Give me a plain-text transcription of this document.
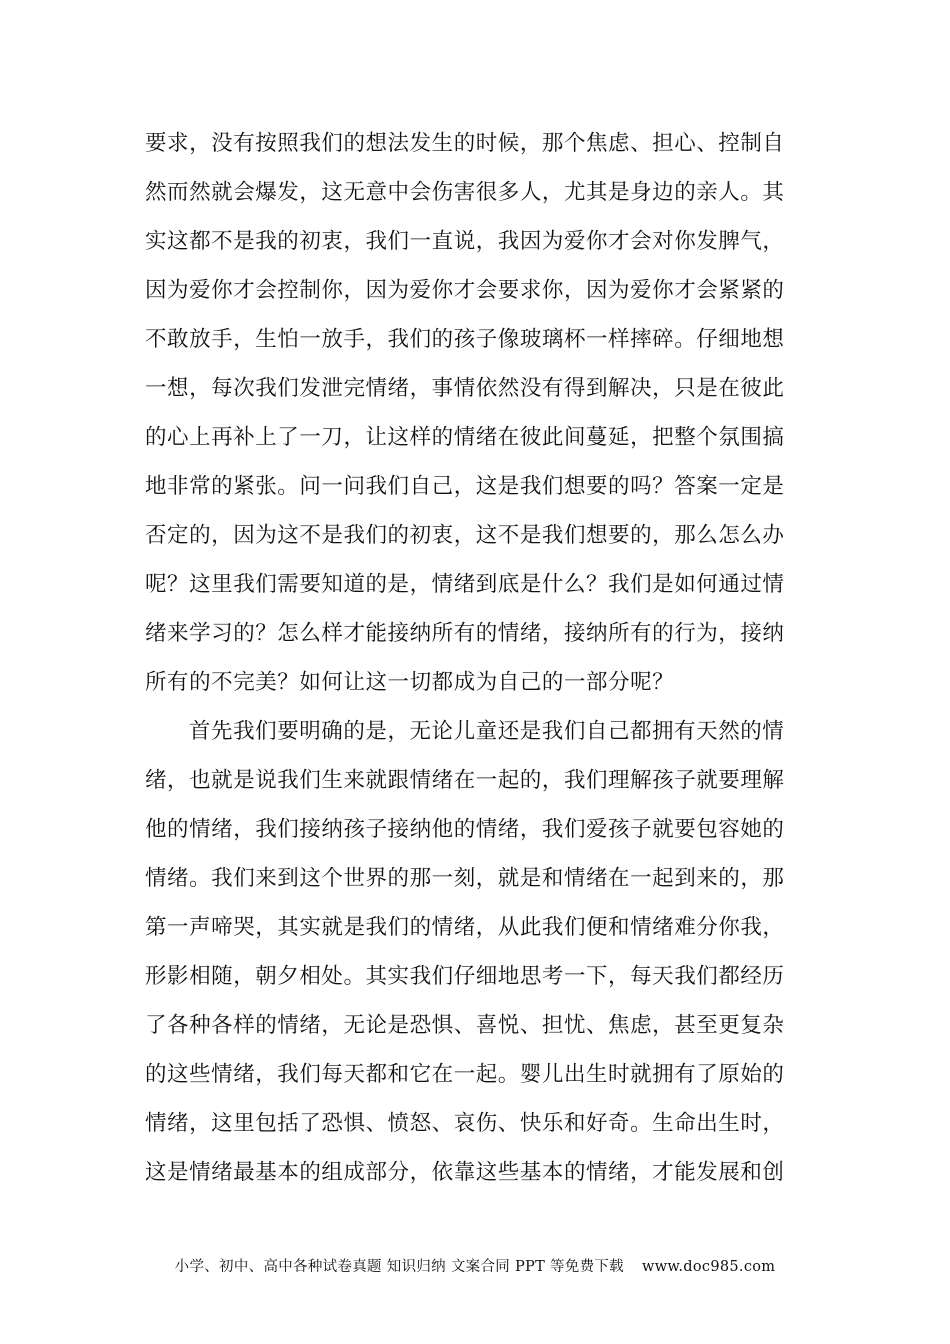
要求，没有按照我们的想法发生的时候，那个焦虑、担心、控制自
然而然就会爆发，这无意中会伤害很多人，尤其是身边的亲人。其
实这都不是我的初衷，我们一直说，我因为爱你才会对你发脾气，
因为爱你才会控制你，因为爱你才会要求你，因为爱你才会紧紧的
不敢放手，生怕一放手，我们的孩子像玻璃杯一样摔碎。仔细地想
一想，每次我们发泄完情绪，事情依然没有得到解决，只是在彼此
的心上再补上了一刀，让这样的情绪在彼此间蔓延，把整个氛围搞
地非常的紧张。问一问我们自己，这是我们想要的吗？答案一定是
否定的，因为这不是我们的初衷，这不是我们想要的，那么怎么办
呢？这里我们需要知道的是，情绪到底是什么？我们是如何通过情
绪来学习的？怎么样才能接纳所有的情绪，接纳所有的行为，接纳
所有的不完美？如何让这一切都成为自己的一部分呢？
首先我们要明确的是，无论儿童还是我们自己都拥有天然的情
绪，也就是说我们生来就跟情绪在一起的，我们理解孩子就要理解
他的情绪，我们接纳孩子接纳他的情绪，我们爱孩子就要包容她的
情绪。我们来到这个世界的那一刻，就是和情绪在一起到来的，那
第一声啼哭，其实就是我们的情绪，从此我们便和情绪难分你我，
形影相随，朝夕相处。其实我们仔细地思考一下，每天我们都经历
了各种各样的情绪，无论是恐惧、喜悦、担忧、焦虑，甚至更复杂
的这些情绪，我们每天都和它在一起。婴儿出生时就拥有了原始的
情绪，这里包括了恐惧、愤怒、哀伤、快乐和好奇。生命出生时，
这是情绪最基本的组成部分，依靠这些基本的情绪，才能发展和创
小学、初中、高中各种试卷真题 知识归纳 文案合同 PPT 等免费下载 www.doc985.com
